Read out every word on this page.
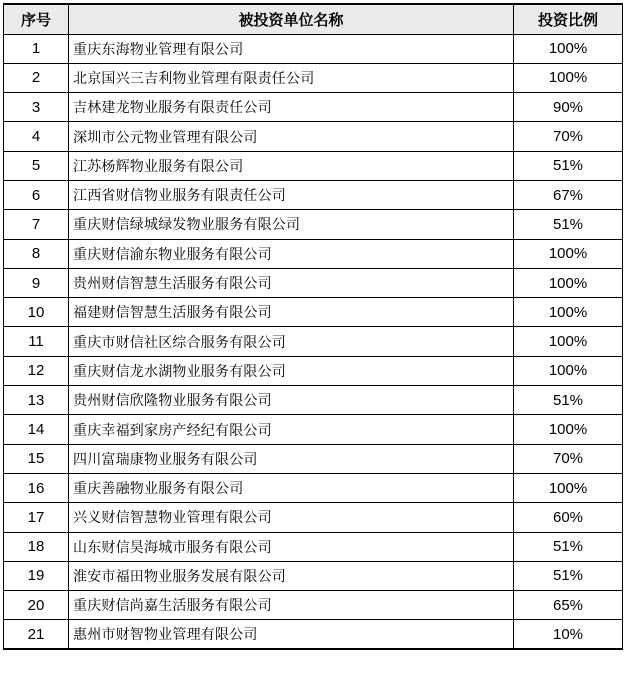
序号	被投资单位名称	投资比例
1	重庆东海物业管理有限公司	100%
2	北京国兴三吉利物业管理有限责任公司	100%
3	吉林建龙物业服务有限责任公司	90%
4	深圳市公元物业管理有限公司	70%
5	江苏杨辉物业服务有限公司	51%
6	江西省财信物业服务有限责任公司	67%
7	重庆财信绿城绿发物业服务有限公司	51%
8	重庆财信渝东物业服务有限公司	100%
9	贵州财信智慧生活服务有限公司	100%
10	福建财信智慧生活服务有限公司	100%
11	重庆市财信社区综合服务有限公司	100%
12	重庆财信龙水湖物业服务有限公司	100%
13	贵州财信欣隆物业服务有限公司	51%
14	重庆幸福到家房产经纪有限公司	100%
15	四川富瑞康物业服务有限公司	70%
16	重庆善融物业服务有限公司	100%
17	兴义财信智慧物业管理有限公司	60%
18	山东财信昊海城市服务有限公司	51%
19	淮安市福田物业服务发展有限公司	51%
20	重庆财信尚嘉生活服务有限公司	65%
21	惠州市财智物业管理有限公司	10%
